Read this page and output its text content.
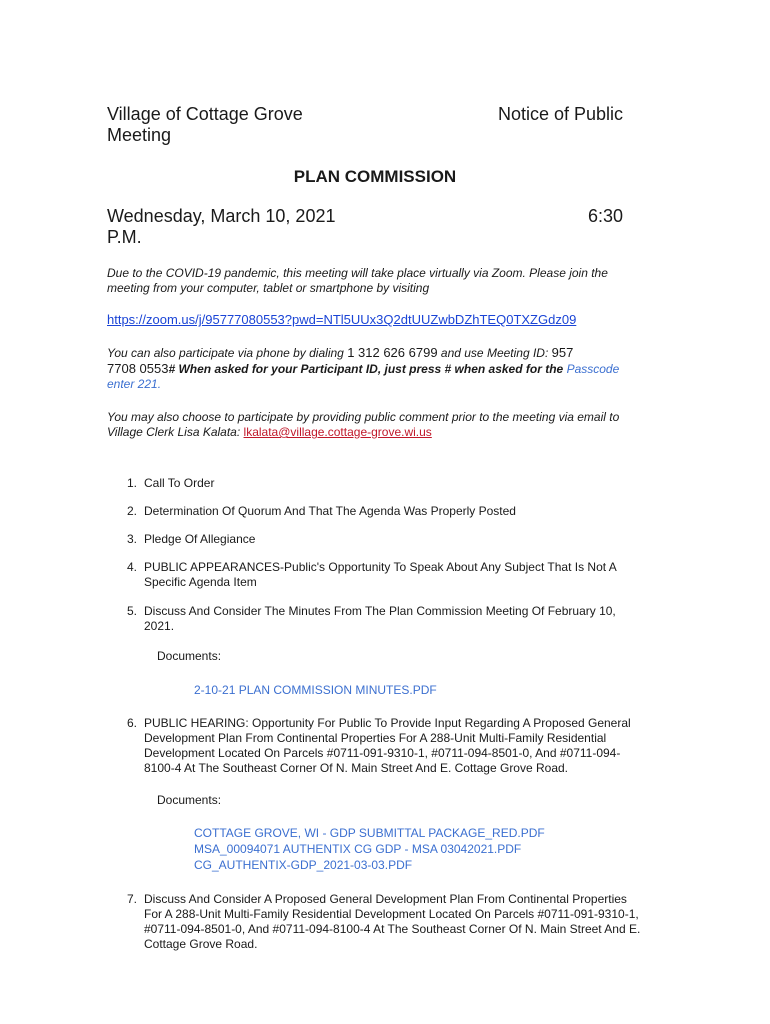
Village of Cottage Grove
Meeting
Notice of Public
PLAN COMMISSION
Wednesday, March 10, 2021
P.M.
6:30
Due to the COVID-19 pandemic, this meeting will take place virtually via Zoom. Please join the meeting from your computer, tablet or smartphone by visiting
https://zoom.us/j/95777080553?pwd=NTl5UUx3Q2dtUUZwbDZhTEQ0TXZGdz09
You can also participate via phone by dialing 1 312 626 6799 and use Meeting ID: 957
7708 0553# When asked for your Participant ID, just press # when asked for the Passcode enter 221.
You may also choose to participate by providing public comment prior to the meeting via email to Village Clerk Lisa Kalata: lkalata@village.cottage-grove.wi.us
1. Call To Order
2. Determination Of Quorum And That The Agenda Was Properly Posted
3. Pledge Of Allegiance
4. PUBLIC APPEARANCES-Public's Opportunity To Speak About Any Subject That Is Not A Specific Agenda Item
5. Discuss And Consider The Minutes From The Plan Commission Meeting Of February 10, 2021.
Documents:
2-10-21 PLAN COMMISSION MINUTES.PDF
6. PUBLIC HEARING: Opportunity For Public To Provide Input Regarding A Proposed General Development Plan From Continental Properties For A 288-Unit Multi-Family Residential Development Located On Parcels #0711-091-9310-1, #0711-094-8501-0, And #0711-094-8100-4 At The Southeast Corner Of N. Main Street And E. Cottage Grove Road.
Documents:
COTTAGE GROVE, WI - GDP SUBMITTAL PACKAGE_RED.PDF
MSA_00094071 AUTHENTIX CG GDP - MSA 03042021.PDF
CG_AUTHENTIX-GDP_2021-03-03.PDF
7. Discuss And Consider A Proposed General Development Plan From Continental Properties For A 288-Unit Multi-Family Residential Development Located On Parcels #0711-091-9310-1, #0711-094-8501-0, And #0711-094-8100-4 At The Southeast Corner Of N. Main Street And E. Cottage Grove Road.
